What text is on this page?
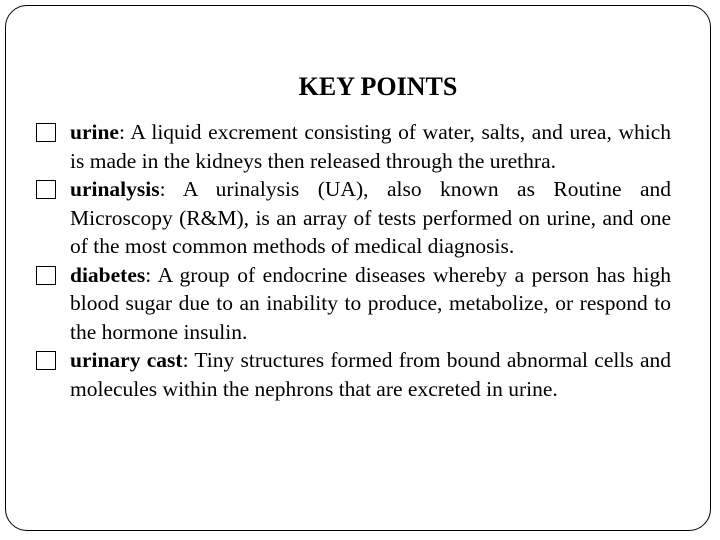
KEY POINTS
urine: A liquid excrement consisting of water, salts, and urea, which is made in the kidneys then released through the urethra.
urinalysis: A urinalysis (UA), also known as Routine and Microscopy (R&M), is an array of tests performed on urine, and one of the most common methods of medical diagnosis.
diabetes: A group of endocrine diseases whereby a person has high blood sugar due to an inability to produce, metabolize, or respond to the hormone insulin.
urinary cast: Tiny structures formed from bound abnormal cells and molecules within the nephrons that are excreted in urine.
